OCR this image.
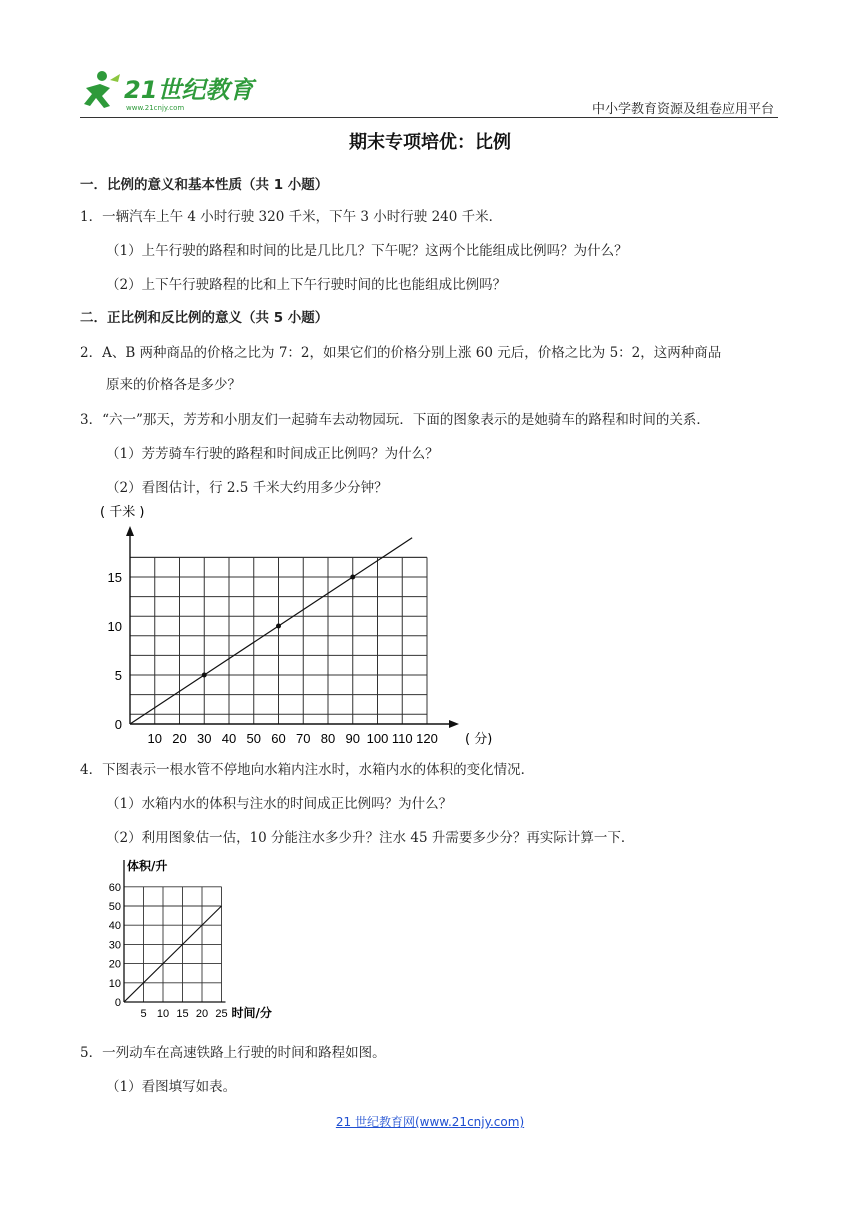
21世纪教育
www.21cnjy.com	中小学教育资源及组卷应用平台
期末专项培优：比例
一．比例的意义和基本性质（共 1 小题）
1．一辆汽车上午 4 小时行驶 320 千米，下午 3 小时行驶 240 千米．
（1）上午行驶的路程和时间的比是几比几？下午呢？这两个比能组成比例吗？为什么？
（2）上下午行驶路程的比和上下午行驶时间的比也能组成比例吗？
二．正比例和反比例的意义（共 5 小题）
2．A、B 两种商品的价格之比为 7：2，如果它们的价格分别上涨 60 元后，价格之比为 5：2，这两种商品
原来的价格各是多少？
3．“六一”那天，芳芳和小朋友们一起骑车去动物园玩．下面的图象表示的是她骑车的路程和时间的关系．
（1）芳芳骑车行驶的路程和时间成正比例吗？为什么？
（2）看图估计，行 2.5 千米大约用多少分钟？
10 20 30 40 50 60 70 80 90 100 110 120
5
10
15
0
( 分)
( 千米 )
4．下图表示一根水管不停地向水箱内注水时，水箱内水的体积的变化情况．
（1）水箱内水的体积与注水的时间成正比例吗？为什么？
（2）利用图象估一估，10 分能注水多少升？注水 45 升需要多少分？再实际计算一下．
10
20
30
40
50
60
0
5 10 15 20 25 时间/分
体积/升
5．一列动车在高速铁路上行驶的时间和路程如图。
（1）看图填写如表。
21 世纪教育网(www.21cnjy.com)
